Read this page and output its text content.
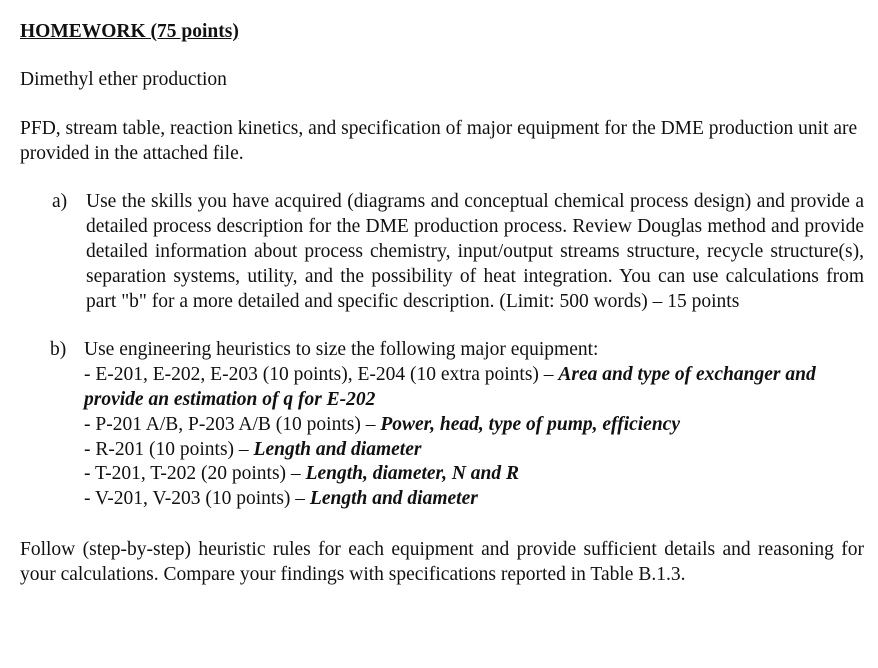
HOMEWORK (75 points)

Dimethyl ether production

PFD, stream table, reaction kinetics, and specification of major equipment for the DME production unit are provided in the attached file.

a) Use the skills you have acquired (diagrams and conceptual chemical process design) and provide a detailed process description for the DME production process. Review Douglas method and provide detailed information about process chemistry, input/output streams structure, recycle structure(s), separation systems, utility, and the possibility of heat integration. You can use calculations from part "b" for a more detailed and specific description. (Limit: 500 words) – 15 points
b) Use engineering heuristics to size the following major equipment:
- E-201, E-202, E-203 (10 points), E-204 (10 extra points) – Area and type of exchanger and provide an estimation of q for E-202
- P-201 A/B, P-203 A/B (10 points) – Power, head, type of pump, efficiency
- R-201 (10 points) – Length and diameter
- T-201, T-202 (20 points) – Length, diameter, N and R
- V-201, V-203 (10 points) – Length and diameter

Follow (step-by-step) heuristic rules for each equipment and provide sufficient details and reasoning for your calculations. Compare your findings with specifications reported in Table B.1.3.
